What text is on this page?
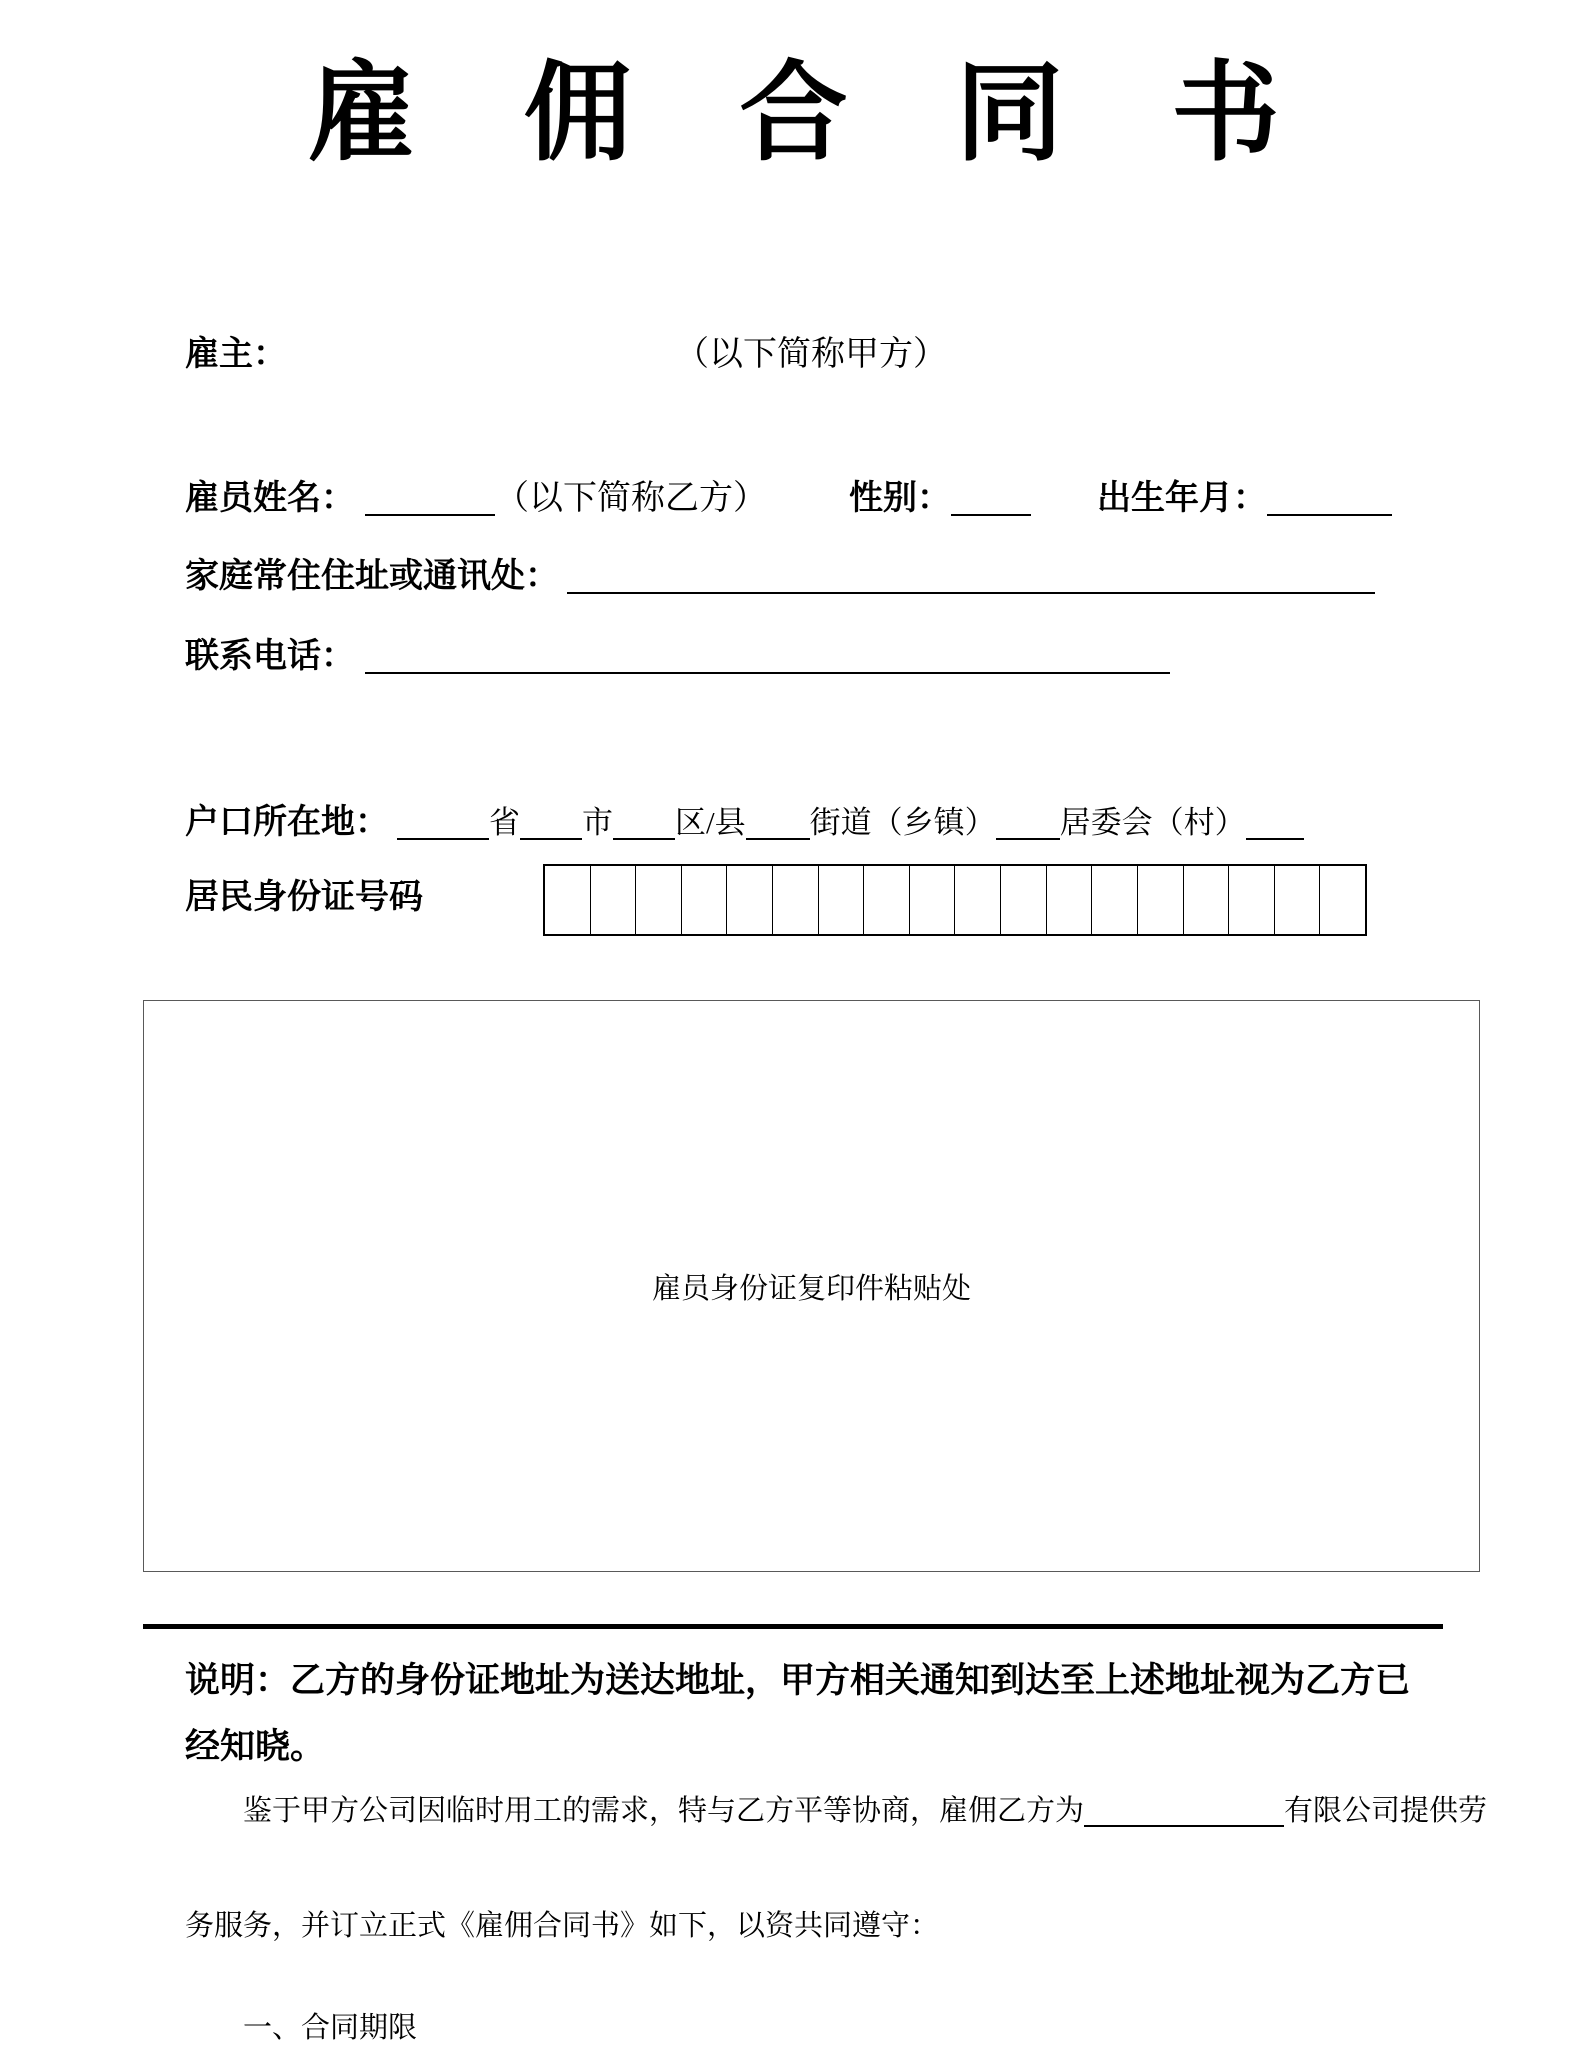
雇　佣　合　同　书
雇主：	（以下简称甲方）
雇员姓名：	（以下简称乙方） 性别：	出生年月：
家庭常住住址或通讯处：
联系电话：
户口所在地：	省 市 区/县 街道（乡镇） 居委会（村）
居民身份证号码
雇员身份证复印件粘贴处
说明：乙方的身份证地址为送达地址，甲方相关通知到达至上述地址视为乙方已经知晓。
鉴于甲方公司因临时用工的需求，特与乙方平等协商，雇佣乙方为	有限公司提供劳
务服务，并订立正式《雇佣合同书》如下，以资共同遵守：
一、合同期限
